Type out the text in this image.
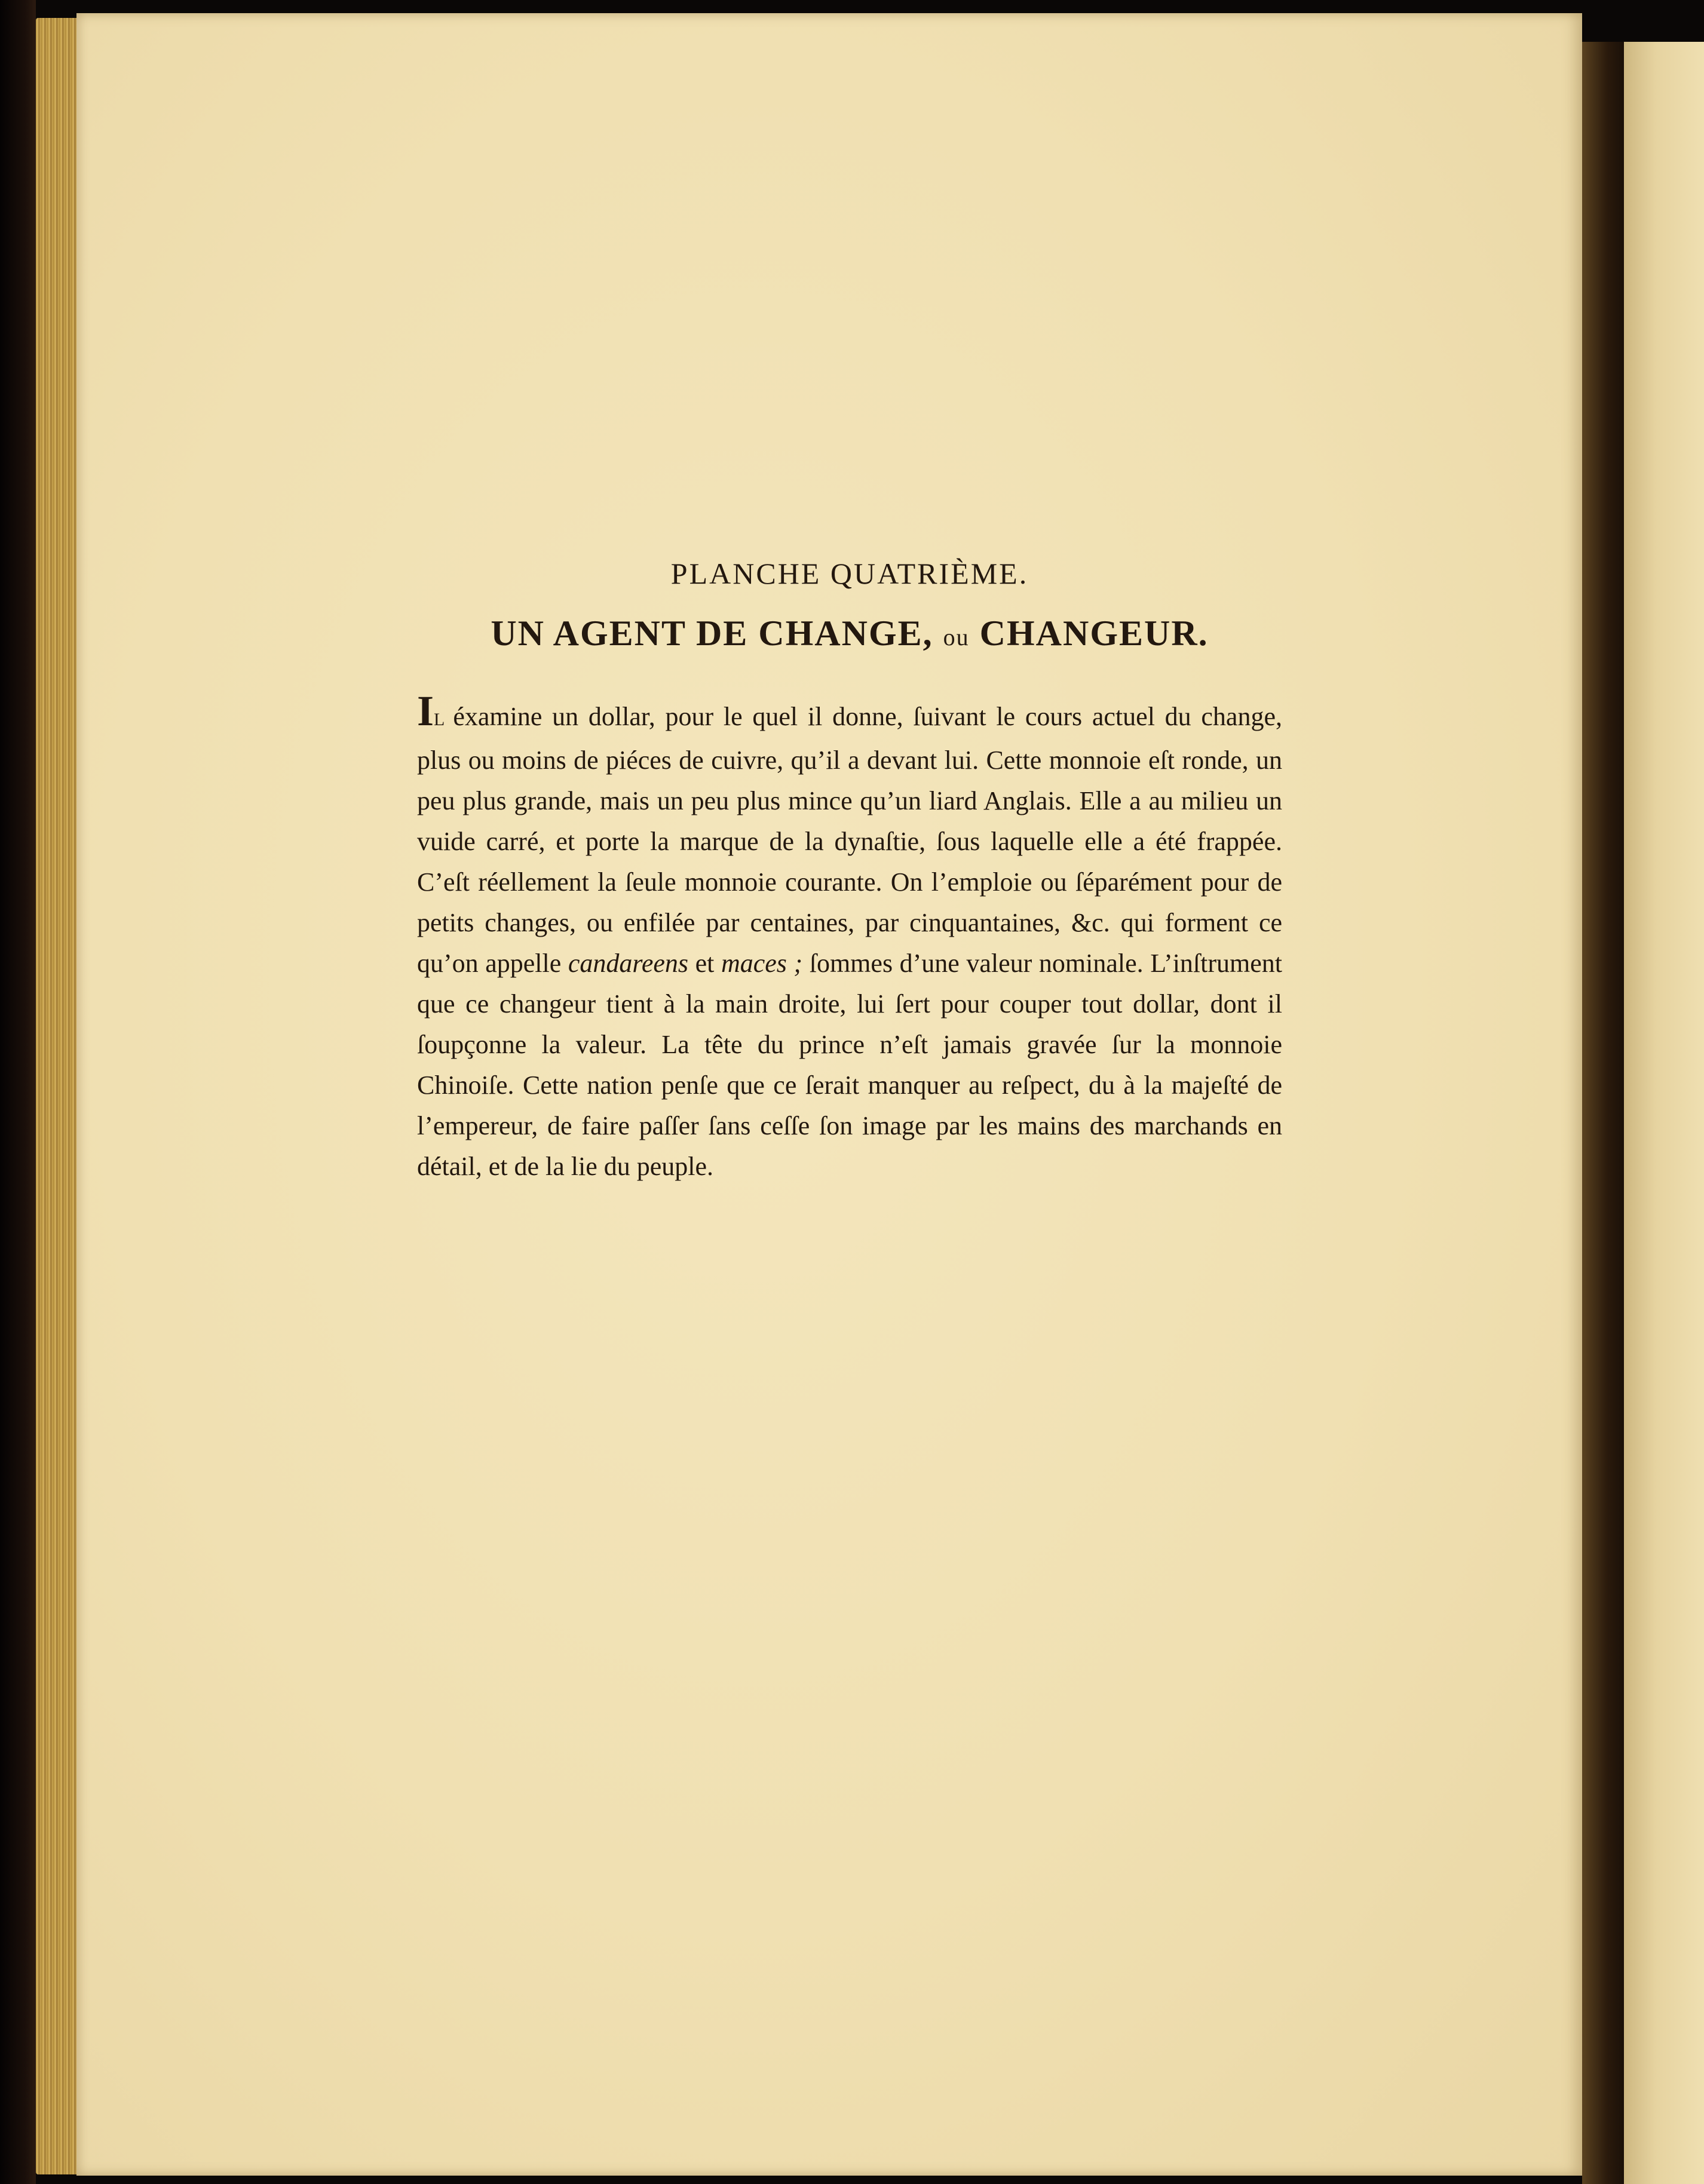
PLANCHE QUATRIÈME.
UN AGENT DE CHANGE, ou CHANGEUR.

IL éxamine un dollar, pour le quel il donne, ſuivant le cours actuel du change, plus ou moins de piéces de cuivre, qu’il a devant lui. Cette monnoie eſt ronde, un peu plus grande, mais un peu plus mince qu’un liard Anglais. Elle a au milieu un vuide carré, et porte la marque de la dynaſtie, ſous laquelle elle a été frappée. C’eſt réellement la ſeule monnoie courante. On l’emploie ou ſéparément pour de petits changes, ou enfilée par centaines, par cinquantaines, &c. qui forment ce qu’on appelle candareens et maces ; ſommes d’une valeur nominale. L’inſtrument que ce changeur tient à la main droite, lui ſert pour couper tout dollar, dont il ſoupçonne la valeur. La tête du prince n’eſt jamais gravée ſur la monnoie Chinoiſe. Cette nation penſe que ce ſerait manquer au reſpect, du à la majeſté de l’empereur, de faire paſſer ſans ceſſe ſon image par les mains des marchands en détail, et de la lie du peuple.
